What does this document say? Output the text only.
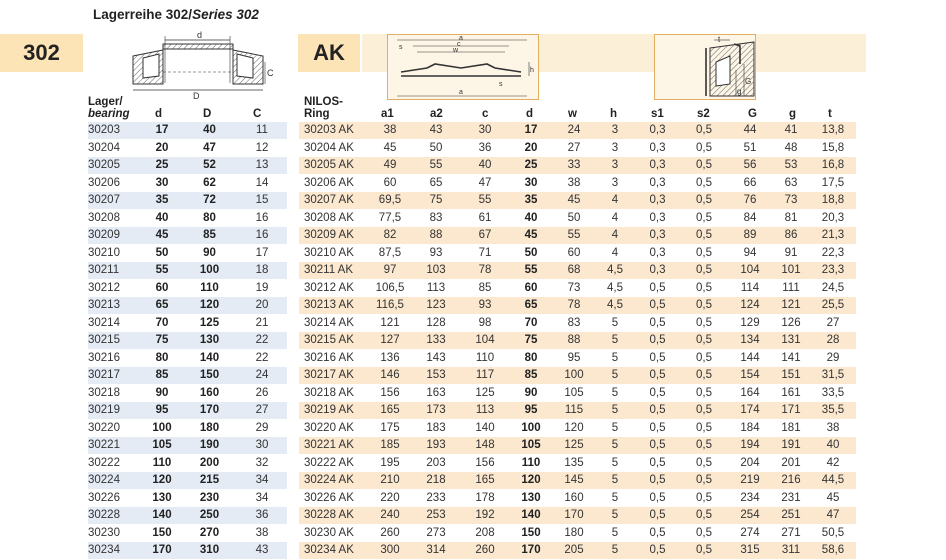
Lagerreihe 302/Series 302
302
d
D
C
AK
a
c
w
s
h
s
a
t
G
g
Lager/
bearing d	D	C
NILOS-
Ring	a1	a2	c	d	w	h	s1	s2	G	g	t
30203	17	40	11
30204	20	47	12
30205	25	52	13
30206	30	62	14
30207	35	72	15
30208	40	80	16
30209	45	85	16
30210	50	90	17
30211	55	100	18
30212	60	110	19
30213	65	120	20
30214	70	125	21
30215	75	130	22
30216	80	140	22
30217	85	150	24
30218	90	160	26
30219	95	170	27
30220	100	180	29
30221	105	190	30
30222	110	200	32
30224	120	215	34
30226	130	230	34
30228	140	250	36
30230	150	270	38
30234	170	310	43
30203 AK	38	43	30	17	24	3	0,3	0,5	44	41	13,8
30204 AK	45	50	36	20	27	3	0,3	0,5	51	48	15,8
30205 AK	49	55	40	25	33	3	0,3	0,5	56	53	16,8
30206 AK	60	65	47	30	38	3	0,3	0,5	66	63	17,5
30207 AK	69,5	75	55	35	45	4	0,3	0,5	76	73	18,8
30208 AK	77,5	83	61	40	50	4	0,3	0,5	84	81	20,3
30209 AK	82	88	67	45	55	4	0,3	0,5	89	86	21,3
30210 AK	87,5	93	71	50	60	4	0,3	0,5	94	91	22,3
30211 AK	97	103	78	55	68	4,5	0,3	0,5	104	101	23,3
30212 AK	106,5	113	85	60	73	4,5	0,5	0,5	114	111	24,5
30213 AK	116,5	123	93	65	78	4,5	0,5	0,5	124	121	25,5
30214 AK	121	128	98	70	83	5	0,5	0,5	129	126	27
30215 AK	127	133	104	75	88	5	0,5	0,5	134	131	28
30216 AK	136	143	110	80	95	5	0,5	0,5	144	141	29
30217 AK	146	153	117	85	100	5	0,5	0,5	154	151	31,5
30218 AK	156	163	125	90	105	5	0,5	0,5	164	161	33,5
30219 AK	165	173	113	95	115	5	0,5	0,5	174	171	35,5
30220 AK	175	183	140	100	120	5	0,5	0,5	184	181	38
30221 AK	185	193	148	105	125	5	0,5	0,5	194	191	40
30222 AK	195	203	156	110	135	5	0,5	0,5	204	201	42
30224 AK	210	218	165	120	145	5	0,5	0,5	219	216	44,5
30226 AK	220	233	178	130	160	5	0,5	0,5	234	231	45
30228 AK	240	253	192	140	170	5	0,5	0,5	254	251	47
30230 AK	260	273	208	150	180	5	0,5	0,5	274	271	50,5
30234 AK	300	314	260	170	205	5	0,5	0,5	315	311	58,6
